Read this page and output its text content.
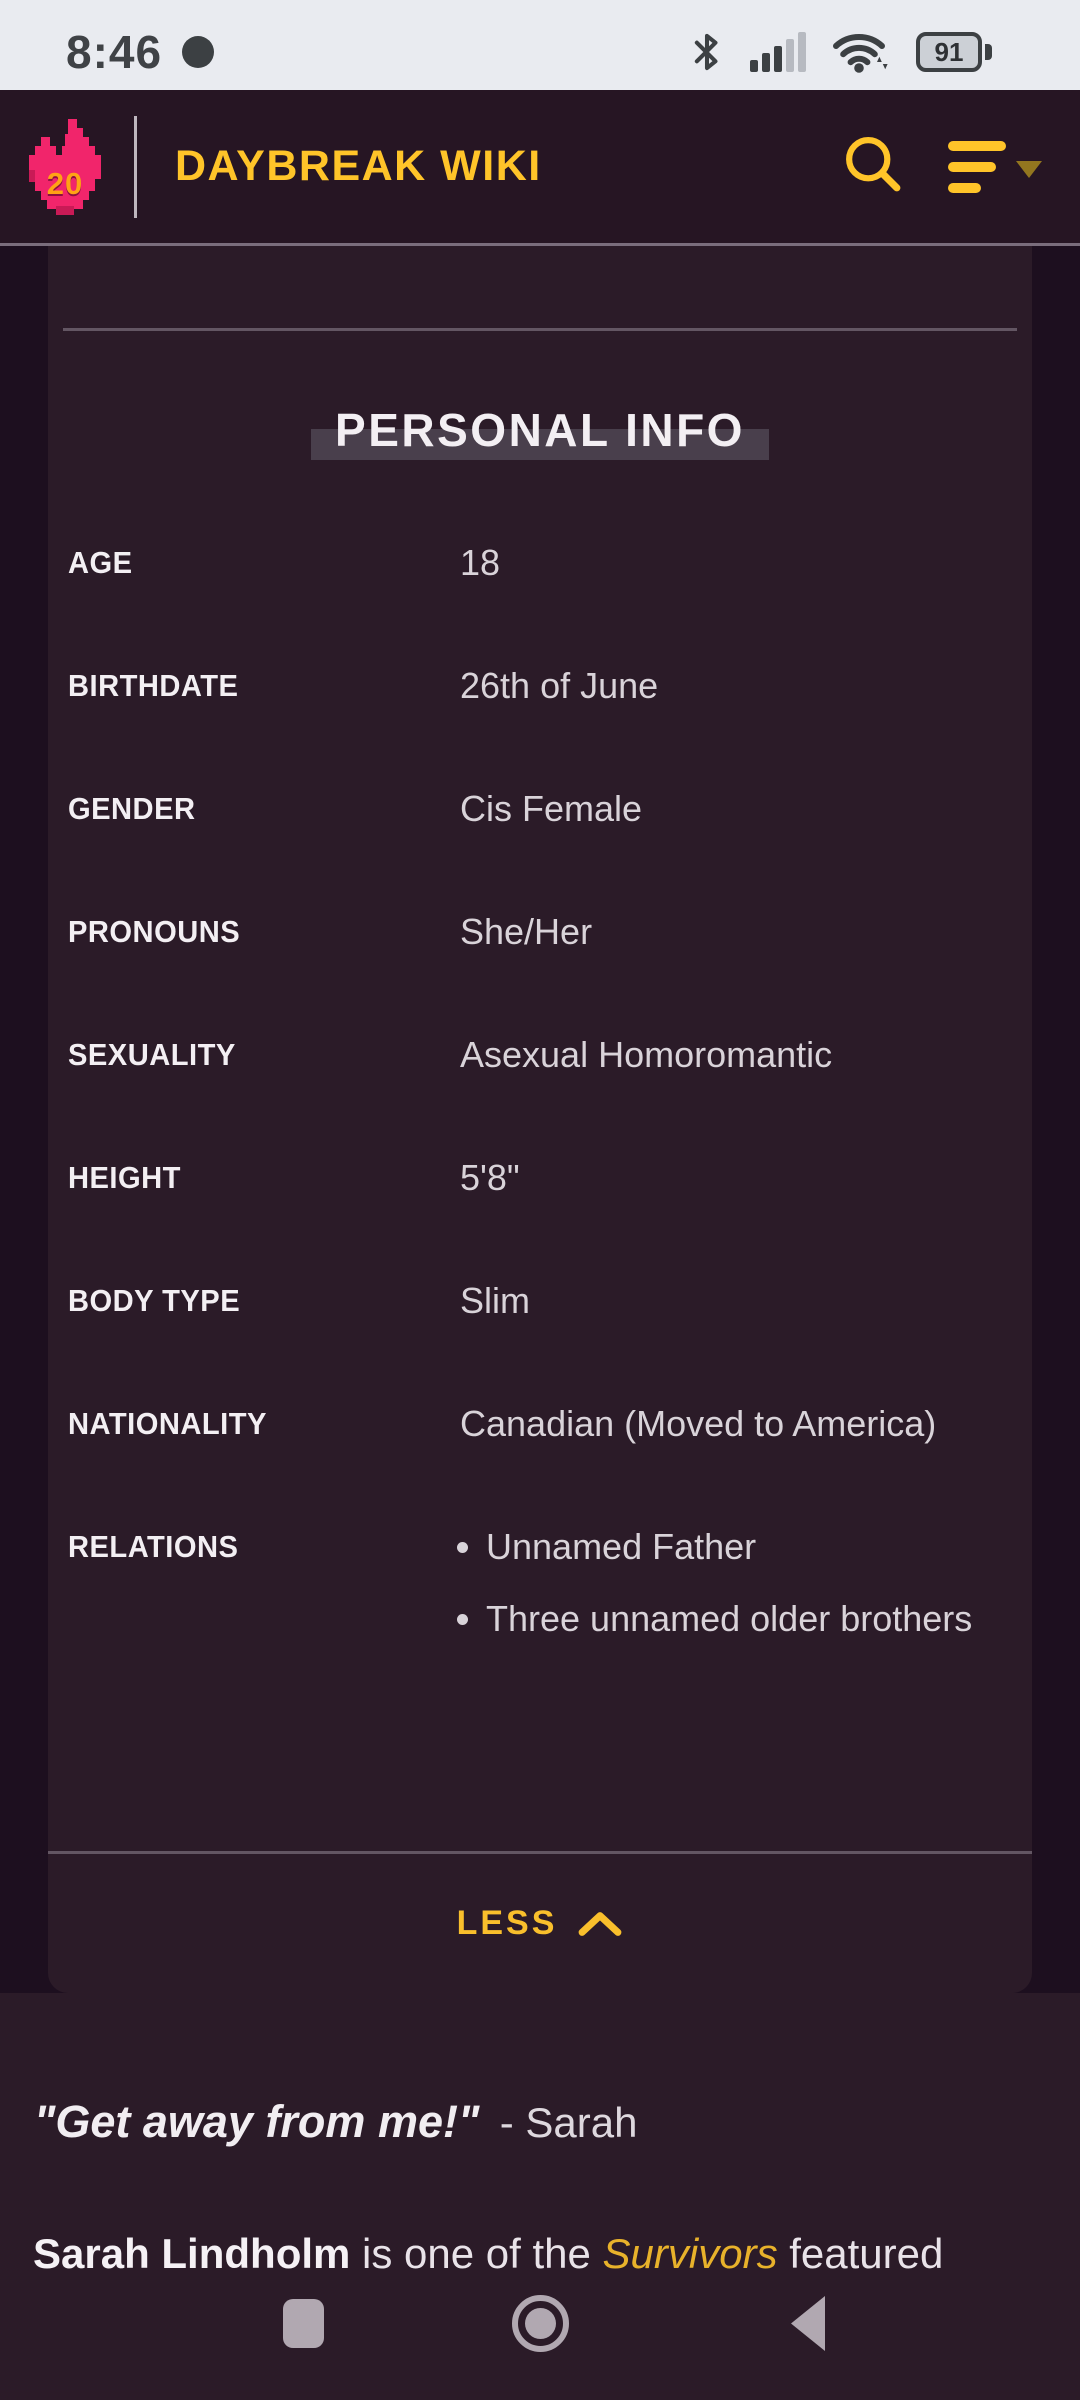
8:46	91
20	DAYBREAK WIKI
PERSONAL INFO
AGE	18
BIRTHDATE	26th of June
GENDER	Cis Female
PRONOUNS	She/Her
SEXUALITY	Asexual Homoromantic
HEIGHT	5'8"
BODY TYPE	Slim
NATIONALITY	Canadian (Moved to America)
RELATIONS	• Unnamed Father
• Three unnamed older brothers
LESS
"Get away from me!" - Sarah
Sarah Lindholm is one of the Survivors featured
